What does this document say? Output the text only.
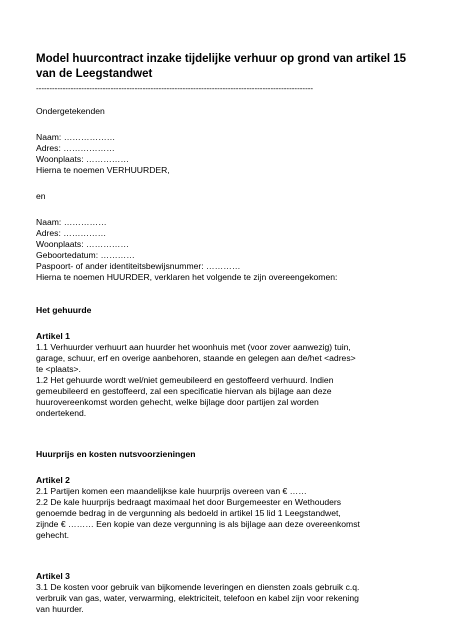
Model huurcontract inzake tijdelijke verhuur op grond van artikel 15 van de Leegstandwet
--------------------------------------------------------------------------------------------------------
Ondergetekenden
Naam: ………………
Adres: ………………
Woonplaats: ……………
Hierna te noemen VERHUURDER,
en
Naam: ……………
Adres: ……………
Woonplaats: ……………
Geboortedatum: …………
Paspoort- of ander identiteitsbewijsnummer: …………
Hierna te noemen HUURDER, verklaren het volgende te zijn overeengekomen:
Het gehuurde
Artikel 1
1.1 Verhuurder verhuurt aan huurder het woonhuis met (voor zover aanwezig) tuin,
garage, schuur, erf en overige aanbehoren, staande en gelegen aan de/het <adres>
te <plaats>.
1.2 Het gehuurde wordt wel/niet gemeubileerd en gestoffeerd verhuurd. Indien
gemeubileerd en gestoffeerd, zal een specificatie hiervan als bijlage aan deze
huurovereenkomst worden gehecht, welke bijlage door partijen zal worden
ondertekend.
Huurprijs en kosten nutsvoorzieningen
Artikel 2
2.1 Partijen komen een maandelijkse kale huurprijs overeen van € ……
2.2 De kale huurprijs bedraagt maximaal het door Burgemeester en Wethouders
genoemde bedrag in de vergunning als bedoeld in artikel 15 lid 1 Leegstandwet,
zijnde € ……… Een kopie van deze vergunning is als bijlage aan deze overeenkomst
gehecht.
Artikel 3
3.1 De kosten voor gebruik van bijkomende leveringen en diensten zoals gebruik c.q.
verbruik van gas, water, verwarming, elektriciteit, telefoon en kabel zijn voor rekening
van huurder.
